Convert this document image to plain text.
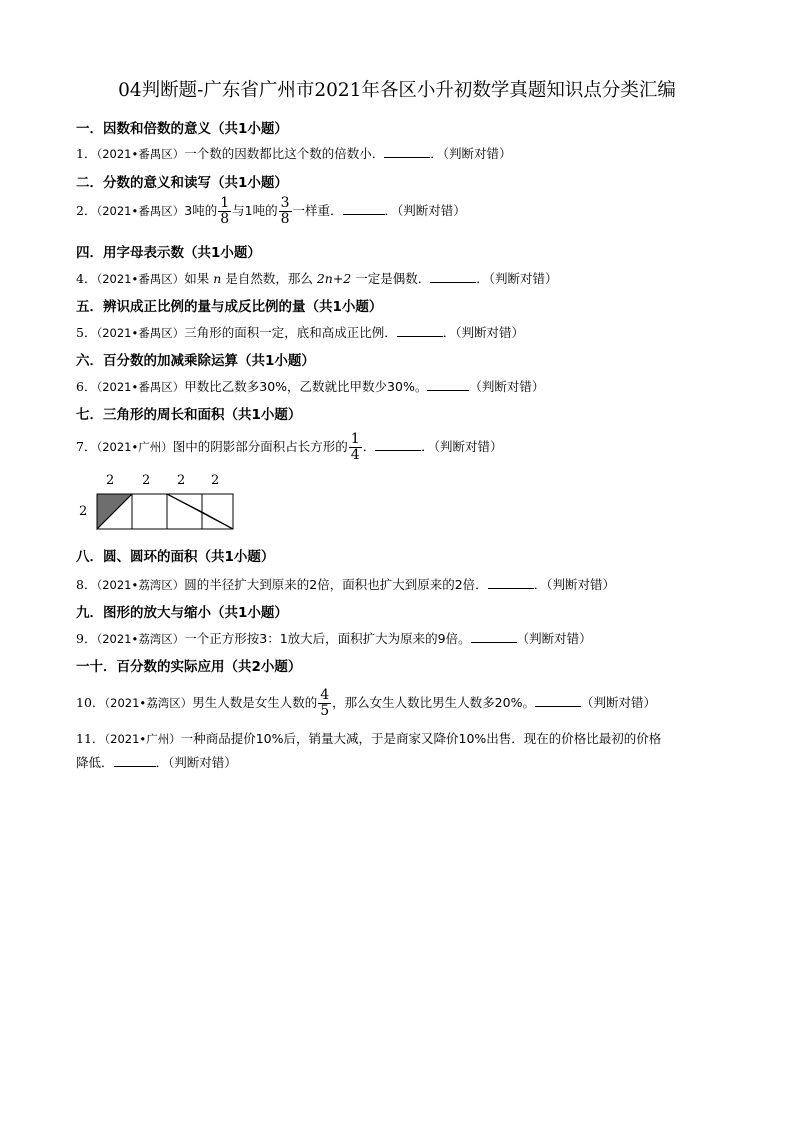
04判断题-广东省广州市2021年各区小升初数学真题知识点分类汇编
一．因数和倍数的意义（共1小题）
1．（2021•番禺区）一个数的因数都比这个数的倍数小．	．（判断对错）
二．分数的意义和读写（共1小题）
2．（2021•番禺区）3吨的 $\frac{1}{8}$ 与1吨的 $\frac{3}{8}$ 一样重．	．（判断对错）
四．用字母表示数（共1小题）
4．（2021•番禺区）如果 n 是自然数，那么 2n+2 一定是偶数．	．（判断对错）
五．辨识成正比例的量与成反比例的量（共1小题）
5．（2021•番禺区）三角形的面积一定，底和高成正比例．	．（判断对错）
六．百分数的加减乘除运算（共1小题）
6．（2021•番禺区）甲数比乙数多30%，乙数就比甲数少30%。	（判断对错）
七．三角形的周长和面积（共1小题）
7．（2021•广州）图中的阴影部分面积占长方形的 $\frac{1}{4}$ ．	．（判断对错）
2 2 2 2
2
八．圆、圆环的面积（共1小题）
8．（2021•荔湾区）圆的半径扩大到原来的2倍，面积也扩大到原来的2倍．	．（判断对错）
九．图形的放大与缩小（共1小题）
9．（2021•荔湾区）一个正方形按3：1放大后，面积扩大为原来的9倍。	（判断对错）
一十．百分数的实际应用（共2小题）
10．（2021•荔湾区）男生人数是女生人数的 $\frac{4}{5}$ ，那么女生人数比男生人数多20%。	（判断对错）
11．（2021•广州）一种商品提价10%后，销量大减，于是商家又降价10%出售．现在的价格比最初的价格
降低．	．（判断对错）
